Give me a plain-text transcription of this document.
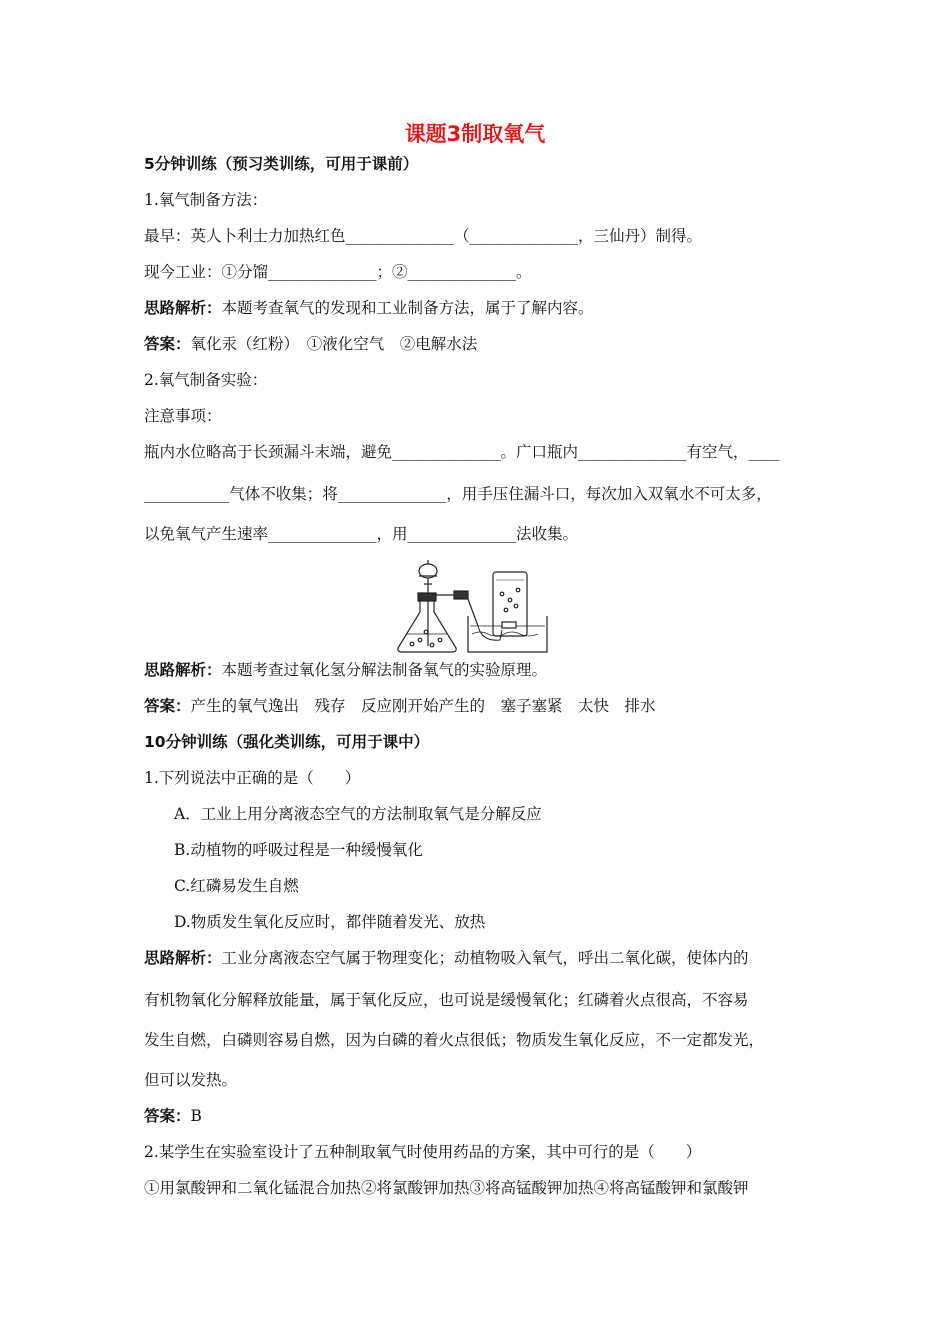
课题3制取氧气
5分钟训练（预习类训练，可用于课前）
1.氧气制备方法：
最早：英人卜利士力加热红色______________（______________，三仙丹）制得。
现今工业：①分馏______________；②______________。
思路解析：本题考查氧气的发现和工业制备方法，属于了解内容。
答案：氧化汞（红粉）　①液化空气　②电解水法
2.氧气制备实验：
注意事项：
瓶内水位略高于长颈漏斗末端，避免______________。广口瓶内______________有空气，____
___________气体不收集；将______________，用手压住漏斗口，每次加入双氧水不可太多，
以免氧气产生速率______________，用______________法收集。
思路解析：本题考查过氧化氢分解法制备氧气的实验原理。
答案：产生的氧气逸出　残存　反应刚开始产生的　塞子塞紧　太快　排水
10分钟训练（强化类训练，可用于课中）
1.下列说法中正确的是（　　）
A．工业上用分离液态空气的方法制取氧气是分解反应
B.动植物的呼吸过程是一种缓慢氧化
C.红磷易发生自燃
D.物质发生氧化反应时，都伴随着发光、放热
思路解析：工业分离液态空气属于物理变化；动植物吸入氧气，呼出二氧化碳，使体内的
有机物氧化分解释放能量，属于氧化反应，也可说是缓慢氧化；红磷着火点很高，不容易
发生自燃，白磷则容易自燃，因为白磷的着火点很低；物质发生氧化反应，不一定都发光，
但可以发热。
答案：B
2.某学生在实验室设计了五种制取氧气时使用药品的方案，其中可行的是（　　）
①用氯酸钾和二氧化锰混合加热②将氯酸钾加热③将高锰酸钾加热④将高锰酸钾和氯酸钾
